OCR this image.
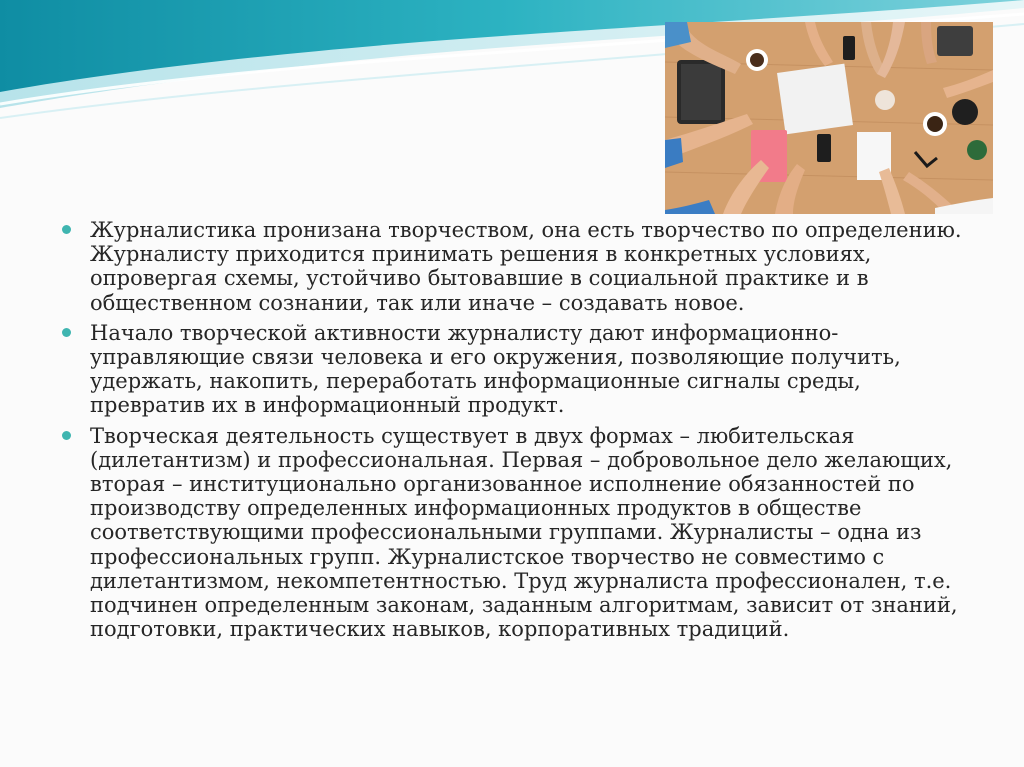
Журналистика пронизана творчеством, она есть творчество по определению. Журналисту приходится принимать решения в конкретных условиях, опровергая схемы, устойчиво бытовавшие в социальной практике и в общественном сознании, так или иначе – создавать новое.
Начало творческой активности журналисту дают информационно-управляющие связи человека и его окружения, позволяющие получить, удержать, накопить, переработать информационные сигналы среды, превратив их в информационный продукт.
Творческая деятельность существует в двух формах – любительская (дилетантизм) и профессиональная. Первая – добровольное дело желающих, вторая – институционально организованное исполнение обязанностей по производству определенных информационных продуктов в обществе соответствующими профессиональными группами. Журналисты – одна из профессиональных групп. Журналистское творчество не совместимо с дилетантизмом, некомпетентностью. Труд журналиста профессионален, т.е. подчинен определенным законам, заданным алгоритмам, зависит от знаний, подготовки, практических навыков, корпоративных традиций.
